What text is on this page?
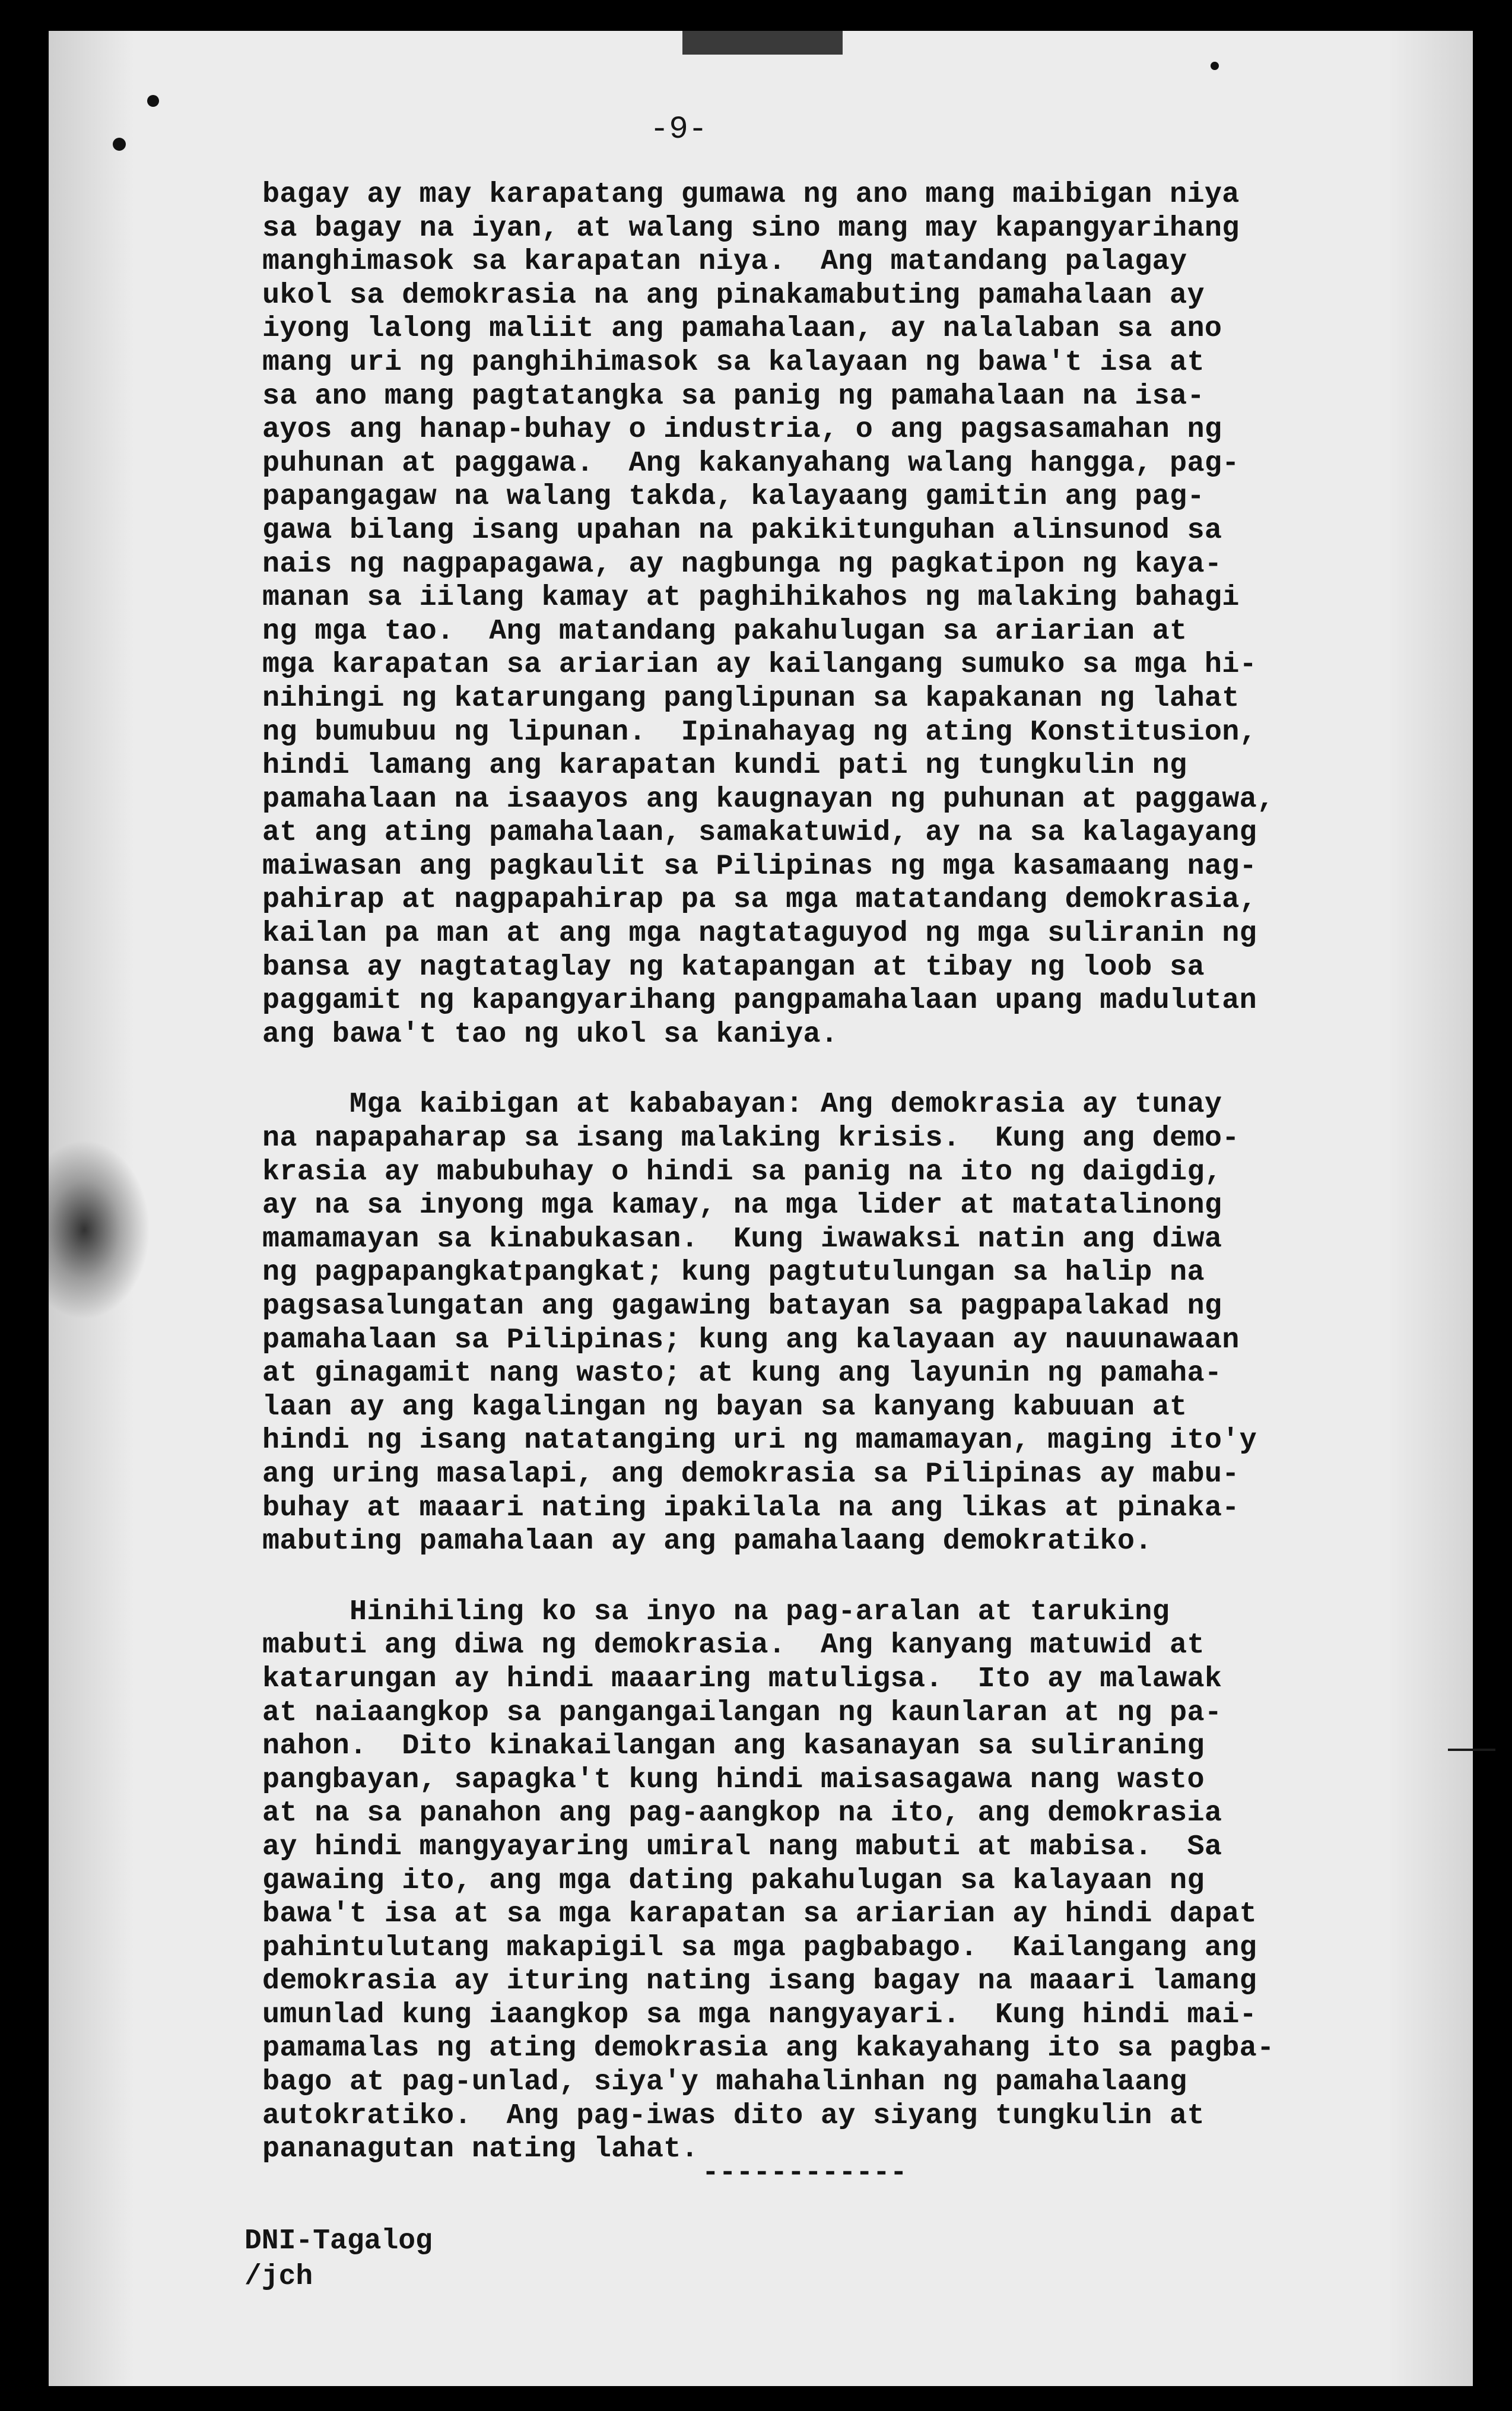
-9-
bagay ay may karapatang gumawa ng ano mang maibigan niya
sa bagay na iyan, at walang sino mang may kapangyarihang
manghimasok sa karapatan niya.  Ang matandang palagay
ukol sa demokrasia na ang pinakamabuting pamahalaan ay
iyong lalong maliit ang pamahalaan, ay nalalaban sa ano
mang uri ng panghihimasok sa kalayaan ng bawa't isa at
sa ano mang pagtatangka sa panig ng pamahalaan na isa-
ayos ang hanap-buhay o industria, o ang pagsasamahan ng
puhunan at paggawa.  Ang kakanyahang walang hangga, pag-
papangagaw na walang takda, kalayaang gamitin ang pag-
gawa bilang isang upahan na pakikitunguhan alinsunod sa
nais ng nagpapagawa, ay nagbunga ng pagkatipon ng kaya-
manan sa iilang kamay at paghihikahos ng malaking bahagi
ng mga tao.  Ang matandang pakahulugan sa ariarian at
mga karapatan sa ariarian ay kailangang sumuko sa mga hi-
nihingi ng katarungang panglipunan sa kapakanan ng lahat
ng bumubuu ng lipunan.  Ipinahayag ng ating Konstitusion,
hindi lamang ang karapatan kundi pati ng tungkulin ng
pamahalaan na isaayos ang kaugnayan ng puhunan at paggawa,
at ang ating pamahalaan, samakatuwid, ay na sa kalagayang
maiwasan ang pagkaulit sa Pilipinas ng mga kasamaang nag-
pahirap at nagpapahirap pa sa mga matatandang demokrasia,
kailan pa man at ang mga nagtataguyod ng mga suliranin ng
bansa ay nagtataglay ng katapangan at tibay ng loob sa
paggamit ng kapangyarihang pangpamahalaan upang madulutan
ang bawa't tao ng ukol sa kaniya.
Mga kaibigan at kababayan: Ang demokrasia ay tunay
na napapaharap sa isang malaking krisis.  Kung ang demo-
krasia ay mabubuhay o hindi sa panig na ito ng daigdig,
ay na sa inyong mga kamay, na mga lider at matatalinong
mamamayan sa kinabukasan.  Kung iwawaksi natin ang diwa
ng pagpapangkatpangkat; kung pagtutulungan sa halip na
pagsasalungatan ang gagawing batayan sa pagpapalakad ng
pamahalaan sa Pilipinas; kung ang kalayaan ay nauunawaan
at ginagamit nang wasto; at kung ang layunin ng pamaha-
laan ay ang kagalingan ng bayan sa kanyang kabuuan at
hindi ng isang natatanging uri ng mamamayan, maging ito'y
ang uring masalapi, ang demokrasia sa Pilipinas ay mabu-
buhay at maaari nating ipakilala na ang likas at pinaka-
mabuting pamahalaan ay ang pamahalaang demokratiko.
Hinihiling ko sa inyo na pag-aralan at taruking
mabuti ang diwa ng demokrasia.  Ang kanyang matuwid at
katarungan ay hindi maaaring matuligsa.  Ito ay malawak
at naiaangkop sa pangangailangan ng kaunlaran at ng pa-
nahon.  Dito kinakailangan ang kasanayan sa suliraning
pangbayan, sapagka't kung hindi maisasagawa nang wasto
at na sa panahon ang pag-aangkop na ito, ang demokrasia
ay hindi mangyayaring umiral nang mabuti at mabisa.  Sa
gawaing ito, ang mga dating pakahulugan sa kalayaan ng
bawa't isa at sa mga karapatan sa ariarian ay hindi dapat
pahintulutang makapigil sa mga pagbabago.  Kailangang ang
demokrasia ay ituring nating isang bagay na maaari lamang
umunlad kung iaangkop sa mga nangyayari.  Kung hindi mai-
pamamalas ng ating demokrasia ang kakayahang ito sa pagba-
bago at pag-unlad, siya'y mahahalinhan ng pamahalaang
autokratiko.  Ang pag-iwas dito ay siyang tungkulin at
pananagutan nating lahat.
------------
DNI-Tagalog
/jch
